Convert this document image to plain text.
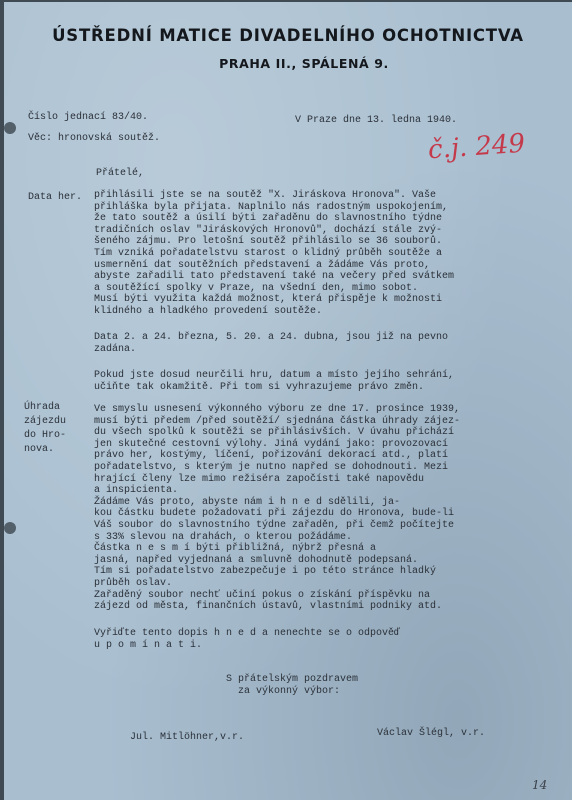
ÚSTŘEDNÍ MATICE DIVADELNÍHO OCHOTNICTVA
PRAHA II., SPÁLENÁ 9.
Číslo jednací 83/40.
Věc: hronovská soutěž.
V Praze dne 13. ledna 1940.
č.j. 249
Přátelé,
Data her.
Úhrada
zájezdu
do Hro-
nova.
přihlásili jste se na soutěž "X. Jiráskova Hronova". Vaše
přihláška byla přijata. Naplnilo nás radostným uspokojením,
že tato soutěž a úsilí býti zařaděnu do slavnostního týdne
tradičních oslav "Jiráskových Hronovů", dochází stále zvý-
šeného zájmu. Pro letošní soutěž přihlásilo se 36 souborů.
Tím vzniká pořadatelstvu starost o klidný průběh soutěže a
usmernění dat soutěžních představení a žádáme Vás proto,
abyste zařadili tato představení také na večery před svátkem
a soutěžící spolky v Praze, na všední den, mimo sobot.
Musí býti využita každá možnost, která přispěje k možnosti
klidného a hladkého provedení soutěže.
Data 2. a 24. března, 5. 20. a 24. dubna, jsou již na pevno
zadána.
Pokud jste dosud neurčili hru, datum a místo jejího sehrání,
učiňte tak okamžitě. Při tom si vyhrazujeme právo změn.
Ve smyslu usnesení výkonného výboru ze dne 17. prosince 1939,
musí býti předem /před soutěží/ sjednána částka úhrady zájez-
du všech spolků k soutěži se přihlásivších. V úvahu přichází
jen skutečné cestovní výlohy. Jiná vydání jako: provozovací
právo her, kostýmy, líčení, pořizování dekorací atd., platí
pořadatelstvo, s kterým je nutno napřed se dohodnouti. Mezi
hrající členy lze mimo režiséra započísti také napovědu
a inspicienta.
Žádáme Vás proto, abyste nám i h n e d sdělili, ja-
kou částku budete požadovati při zájezdu do Hronova, bude-li
Váš soubor do slavnostního týdne zařaděn, při čemž počítejte
s 33% slevou na drahách, o kterou požádáme.
Částka n e s m í býti přibližná, nýbrž přesná a
jasná, napřed vyjednaná a smluvně dohodnutě podepsaná.
Tím si pořadatelstvo zabezpečuje i po této stránce hladký
průběh oslav.
Zařaděný soubor nechť učiní pokus o získání příspěvku na
zájezd od města, finančních ústavů, vlastními podniky atd.
Vyřiďte tento dopis h n e d a nenechte se o odpověď
u p o m í n a t i.
S přátelským pozdravem
za výkonný výbor:
Jul. Mitlöhner,v.r.	Václav Šlégl, v.r.
14
